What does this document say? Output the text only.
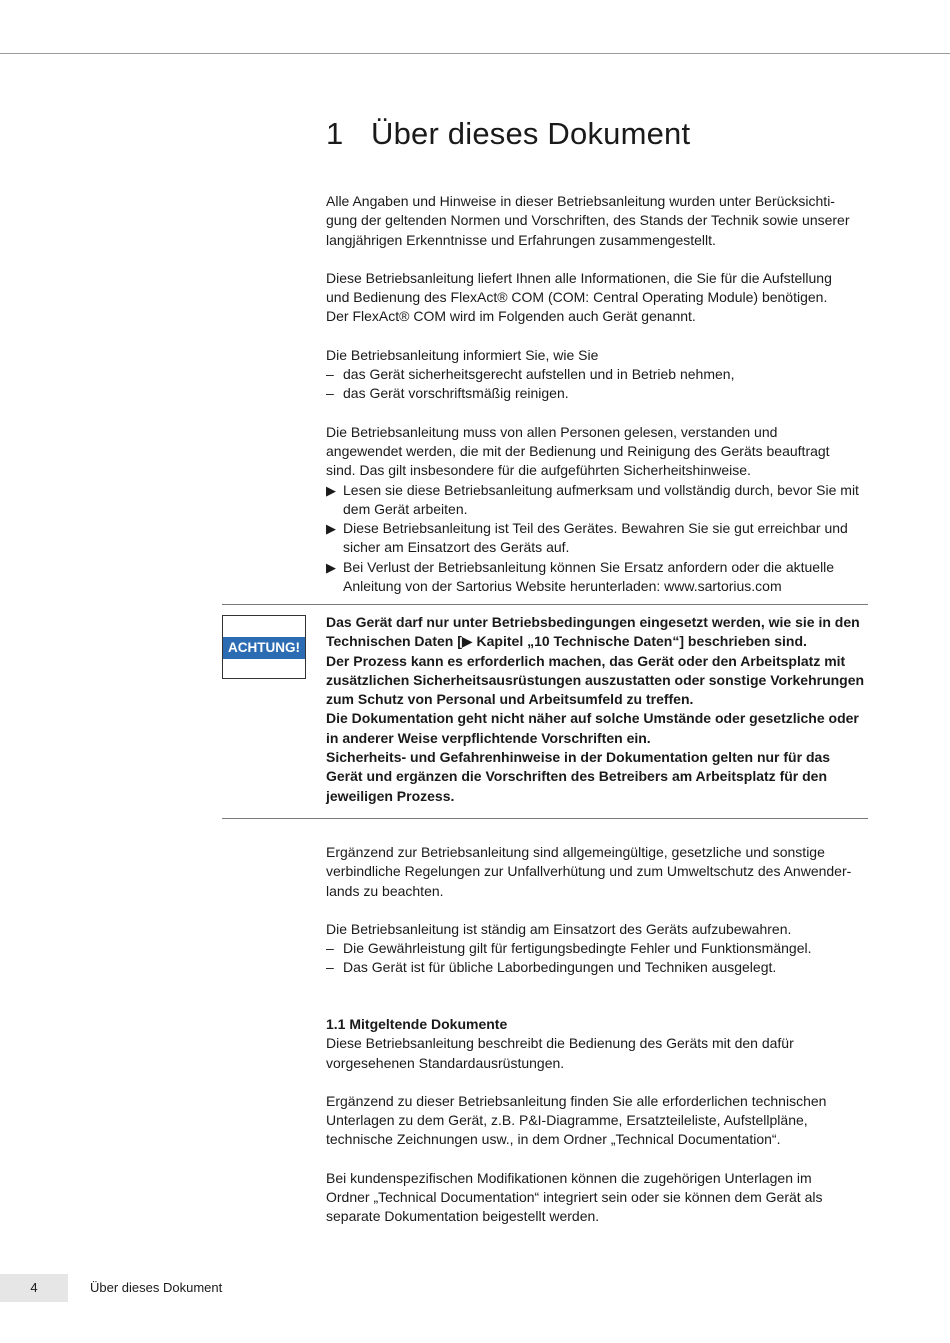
1 Über dieses Dokument

Alle Angaben und Hinweise in dieser Betriebsanleitung wurden unter Berücksichti-
gung der geltenden Normen und Vorschriften, des Stands der Technik sowie unserer
langjährigen Erkenntnisse und Erfahrungen zusammengestellt.

Diese Betriebsanleitung liefert Ihnen alle Informationen, die Sie für die Aufstellung
und Bedienung des FlexAct® COM (COM: Central Operating Module) benötigen.
Der FlexAct® COM wird im Folgenden auch Gerät genannt.

Die Betriebsanleitung informiert Sie, wie Sie

– das Gerät sicherheitsgerecht aufstellen und in Betrieb nehmen,
– das Gerät vorschriftsmäßig reinigen.

Die Betriebsanleitung muss von allen Personen gelesen, verstanden und
angewendet werden, die mit der Bedienung und Reinigung des Geräts beauftragt
sind. Das gilt insbesondere für die aufgeführten Sicherheitshinweise.

▶ Lesen sie diese Betriebsanleitung aufmerksam und vollständig durch, bevor Sie mit
dem Gerät arbeiten.
▶ Diese Betriebsanleitung ist Teil des Gerätes. Bewahren Sie sie gut erreichbar und
sicher am Einsatzort des Geräts auf.
▶ Bei Verlust der Betriebsanleitung können Sie Ersatz anfordern oder die aktuelle
Anleitung von der Sartorius Website herunterladen: www.sartorius.com
ACHTUNG!

Das Gerät darf nur unter Betriebsbedingungen eingesetzt werden, wie sie in den
Technischen Daten [▶ Kapitel „10 Technische Daten“] beschrieben sind.
Der Prozess kann es erforderlich machen, das Gerät oder den Arbeitsplatz mit
zusätzlichen Sicherheitsausrüstungen auszustatten oder sonstige Vorkehrungen
zum Schutz von Personal und Arbeitsumfeld zu treffen.
Die Dokumentation geht nicht näher auf solche Umstände oder gesetzliche oder
in anderer Weise verpflichtende Vorschriften ein.
Sicherheits- und Gefahrenhinweise in der Dokumentation gelten nur für das
Gerät und ergänzen die Vorschriften des Betreibers am Arbeitsplatz für den
jeweiligen Prozess.

Ergänzend zur Betriebsanleitung sind allgemeingültige, gesetzliche und sonstige
verbindliche Regelungen zur Unfallverhütung und zum Umweltschutz des Anwender-
lands zu beachten.

Die Betriebsanleitung ist ständig am Einsatzort des Geräts aufzubewahren.

– Die Gewährleistung gilt für fertigungsbedingte Fehler und Funktionsmängel.
– Das Gerät ist für übliche Laborbedingungen und Techniken ausgelegt.

1.1 Mitgeltende Dokumente

Diese Betriebsanleitung beschreibt die Bedienung des Geräts mit den dafür
vorgesehenen Standardausrüstungen.

Ergänzend zu dieser Betriebsanleitung finden Sie alle erforderlichen technischen
Unterlagen zu dem Gerät, z.B. P&I-Diagramme, Ersatzteileliste, Aufstellpläne,
technische Zeichnungen usw., in dem Ordner „Technical Documentation“.

Bei kundenspezifischen Modifikationen können die zugehörigen Unterlagen im
Ordner „Technical Documentation“ integriert sein oder sie können dem Gerät als
separate Dokumentation beigestellt werden.

4	Über dieses Dokument
